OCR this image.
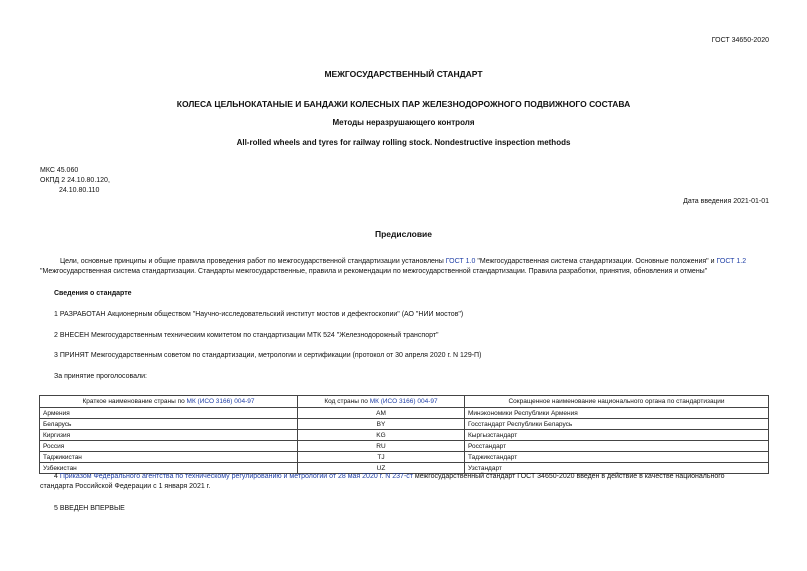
ГОСТ 34650-2020
МЕЖГОСУДАРСТВЕННЫЙ СТАНДАРТ
КОЛЕСА ЦЕЛЬНОКАТАНЫЕ И БАНДАЖИ КОЛЕСНЫХ ПАР ЖЕЛЕЗНОДОРОЖНОГО ПОДВИЖНОГО СОСТАВА
Методы неразрушающего контроля
All-rolled wheels and tyres for railway rolling stock. Nondestructive inspection methods
МКС 45.060
ОКПД 2 24.10.80.120,
24.10.80.110
Дата введения 2021-01-01
Предисловие
Цели, основные принципы и общие правила проведения работ по межгосударственной стандартизации установлены ГОСТ 1.0 "Межгосударственная система стандартизации. Основные положения" и ГОСТ 1.2
"Межгосударственная система стандартизации. Стандарты межгосударственные, правила и рекомендации по межгосударственной стандартизации. Правила разработки, принятия, обновления и отмены"
Сведения о стандарте
1 РАЗРАБОТАН Акционерным обществом "Научно-исследовательский институт мостов и дефектоскопии" (АО "НИИ мостов")
2 ВНЕСЕН Межгосударственным техническим комитетом по стандартизации МТК 524 "Железнодорожный транспорт"
3 ПРИНЯТ Межгосударственным советом по стандартизации, метрологии и сертификации (протокол от 30 апреля 2020 г. N 129-П)
За принятие проголосовали:
Краткое наименование страны по МК (ИСО 3166) 004-97	Код страны по МК (ИСО 3166) 004-97	Сокращенное наименование национального органа по стандартизации
Армения	AM	Минэкономики Республики Армения
Беларусь	BY	Госстандарт Республики Беларусь
Киргизия	KG	Кыргызстандарт
Россия	RU	Росстандарт
Таджикистан	TJ	Таджикстандарт
Узбекистан	UZ	Узстандарт
4 Приказом Федерального агентства по техническому регулированию и метрологии от 28 мая 2020 г. N 237-ст межгосударственный стандарт ГОСТ 34650-2020 введен в действие в качестве национального
стандарта Российской Федерации с 1 января 2021 г.
5 ВВЕДЕН ВПЕРВЫЕ
